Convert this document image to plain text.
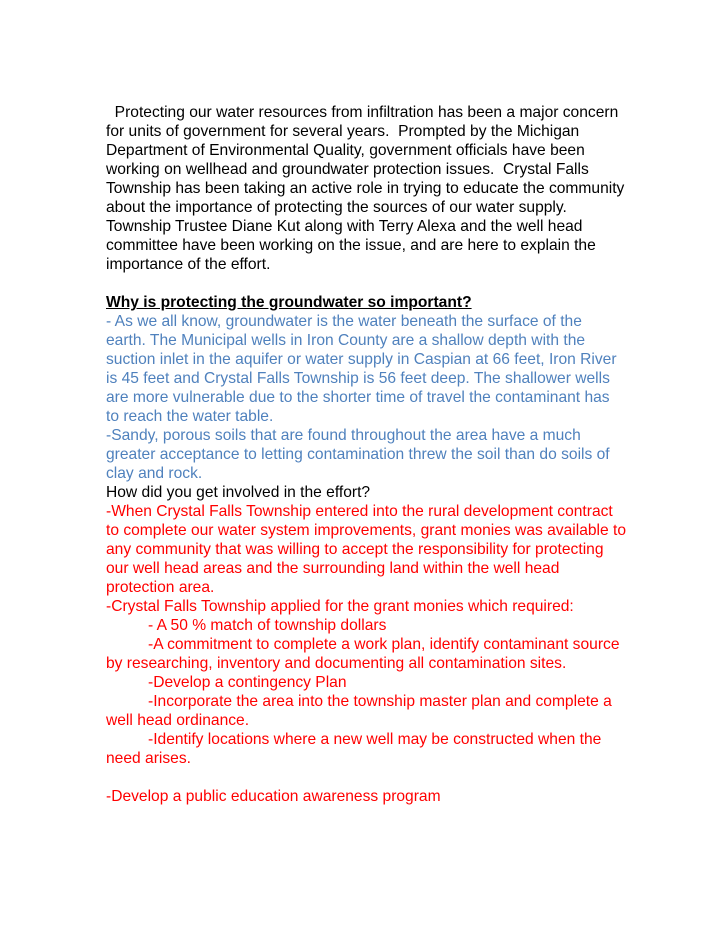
Protecting our water resources from infiltration has been a major concern for units of government for several years.  Prompted by the Michigan Department of Environmental Quality, government officials have been working on wellhead and groundwater protection issues.  Crystal Falls Township has been taking an active role in trying to educate the community about the importance of protecting the sources of our water supply.  Township Trustee Diane Kut along with Terry Alexa and the well head committee have been working on the issue, and are here to explain the importance of the effort.

Why is protecting the groundwater so important?

- As we all know, groundwater is the water beneath the surface of the earth. The Municipal wells in Iron County are a shallow depth with the suction inlet in the aquifer or water supply in Caspian at 66 feet, Iron River is 45 feet and Crystal Falls Township is 56 feet deep. The shallower wells are more vulnerable due to the shorter time of travel the contaminant has to reach the water table.

-Sandy, porous soils that are found throughout the area have a much greater acceptance to letting contamination threw the soil than do soils of clay and rock.

How did you get involved in the effort?

-When Crystal Falls Township entered into the rural development contract to complete our water system improvements, grant monies was available to any community that was willing to accept the responsibility for protecting our well head areas and the surrounding land within the well head protection area.

-Crystal Falls Township applied for the grant monies which required:

- A 50 % match of township dollars

-A commitment to complete a work plan, identify contaminant source by researching, inventory and documenting all contamination sites.

-Develop a contingency Plan

-Incorporate the area into the township master plan and complete a well head ordinance.

-Identify locations where a new well may be constructed when the need arises.

-Develop a public education awareness program
